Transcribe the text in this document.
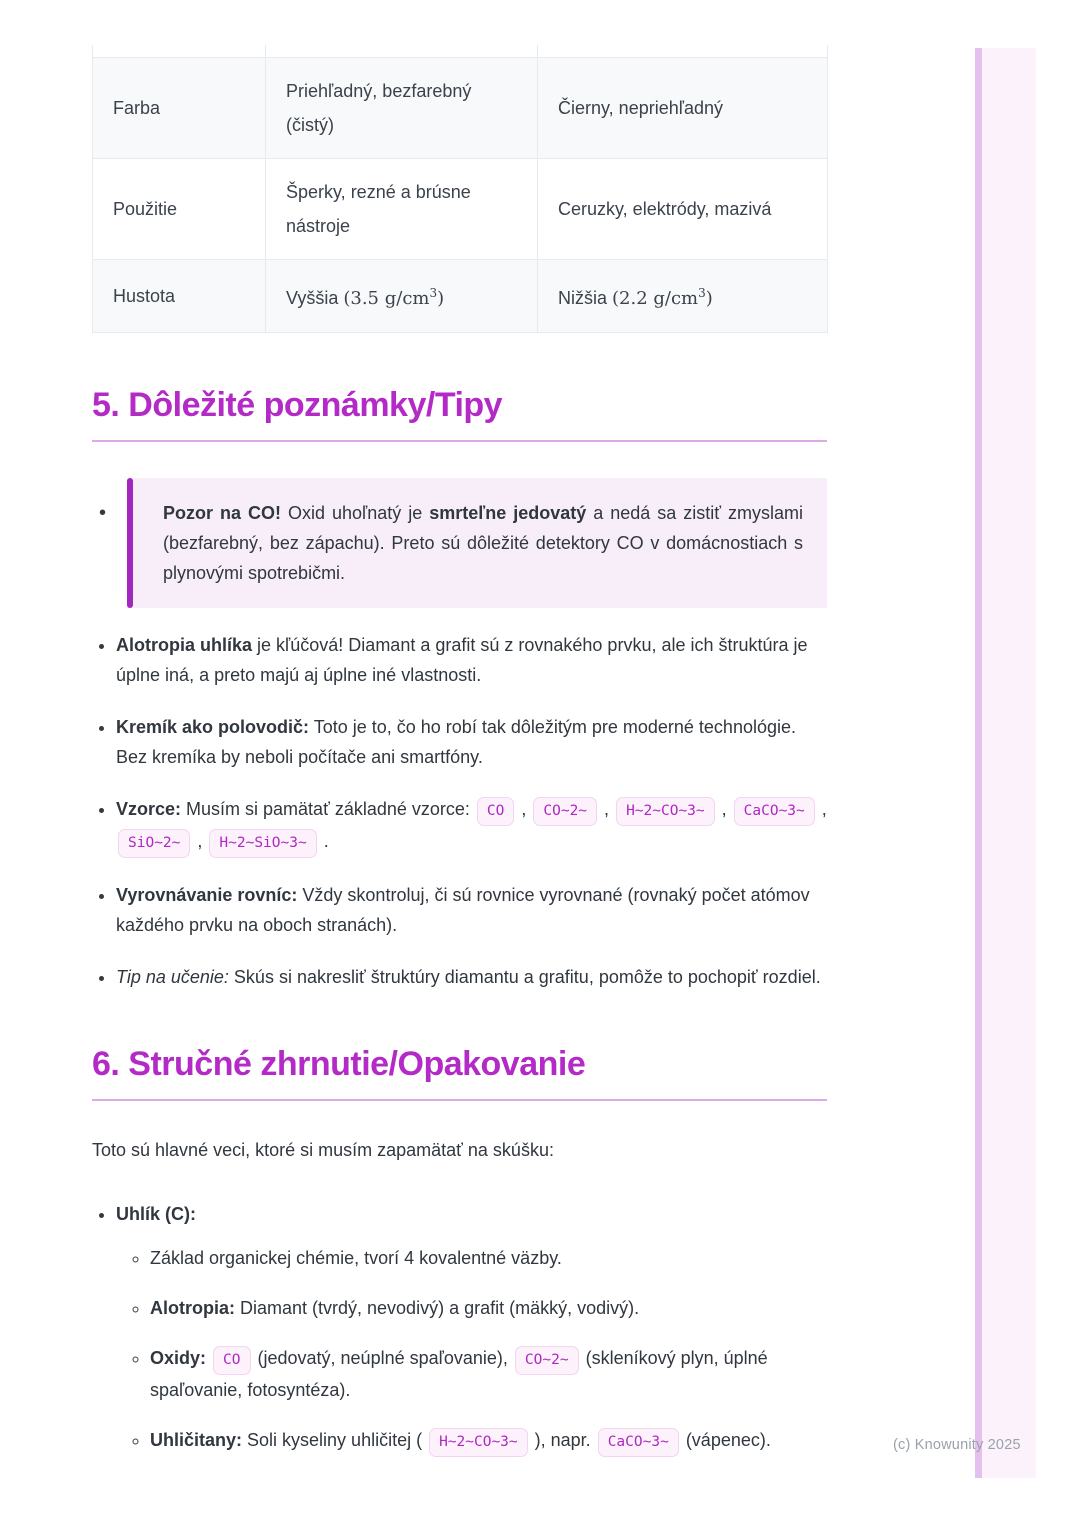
(c) Knowunity 2025

Farba	Priehľadný, bezfarebný (čistý)	Čierny, nepriehľadný
Použitie	Šperky, rezné a brúsne nástroje	Ceruzky, elektródy, mazivá
Hustota	Vyššia (3.5 $g/cm^3$)	Nižšia (2.2 $g/cm^3$)
5. Dôležité poznámky/Tipy

• Pozor na CO! Oxid uhoľnatý je smrteľne jedovatý a nedá sa zistiť zmyslami (bezfarebný, bez zápachu). Preto sú dôležité detektory CO v domácnostiach s plynovými spotrebičmi.

• Alotropia uhlíka je kľúčová! Diamant a grafit sú z rovnakého prvku, ale ich štruktúra je úplne iná, a preto majú aj úplne iné vlastnosti.
• Kremík ako polovodič: Toto je to, čo ho robí tak dôležitým pre moderné technológie. Bez kremíka by neboli počítače ani smartfóny.
• Vzorce: Musím si pamätať základné vzorce: CO , CO~2~ , H~2~CO~3~ , CaCO~3~ , SiO~2~ , H~2~SiO~3~ .
• Vyrovnávanie rovníc: Vždy skontroluj, či sú rovnice vyrovnané (rovnaký počet atómov každého prvku na oboch stranách).
• Tip na učenie: Skús si nakresliť štruktúry diamantu a grafitu, pomôže to pochopiť rozdiel.
6. Stručné zhrnutie/Opakovanie

Toto sú hlavné veci, ktoré si musím zapamätať na skúšku:

• Uhlík (C):
◦ Základ organickej chémie, tvorí 4 kovalentné väzby.
◦ Alotropia: Diamant (tvrdý, nevodivý) a grafit (mäkký, vodivý).
◦ Oxidy: CO (jedovatý, neúplné spaľovanie), CO~2~ (skleníkový plyn, úplné spaľovanie, fotosyntéza).
◦ Uhličitany: Soli kyseliny uhličitej ( H~2~CO~3~ ), napr. CaCO~3~ (vápenec).
